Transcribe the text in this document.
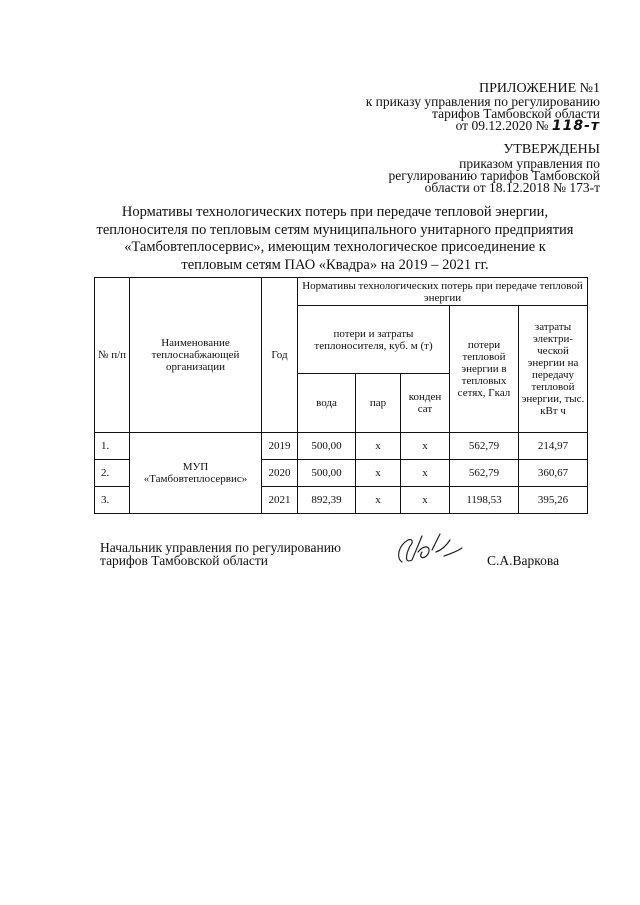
ПРИЛОЖЕНИЕ №1
к приказу управления по регулированию
тарифов Тамбовской области
от 09.12.2020 № 118-т
УТВЕРЖДЕНЫ
приказом управления по
регулированию тарифов Тамбовской
области от 18.12.2018 № 173-т
Нормативы технологических потерь при передаче тепловой энергии,
теплоносителя по тепловым сетям муниципального унитарного предприятия
«Тамбовтеплосервис», имеющим технологическое присоединение к
тепловым сетям ПАО «Квадра» на 2019 – 2021 гг.
№ п/п	Наименование теплоснабжающей организации	Год	Нормативы технологических потерь при передаче тепловой энергии				
			потери и затраты теплоносителя, куб. м (т)			потери тепловой энергии в тепловых сетях, Гкал	затраты электри-ческой энергии на передачу тепловой энергии, тыс. кВт ч
			вода	пар	конден сат		
1.	МУП «Тамбовтеплосервис»	2019	500,00	х	х	562,79	214,97
2.		2020	500,00	х	х	562,79	360,67
3.		2021	892,39	х	х	1198,53	395,26
Начальник управления по регулированию
тарифов Тамбовской области	С.А.Варкова
